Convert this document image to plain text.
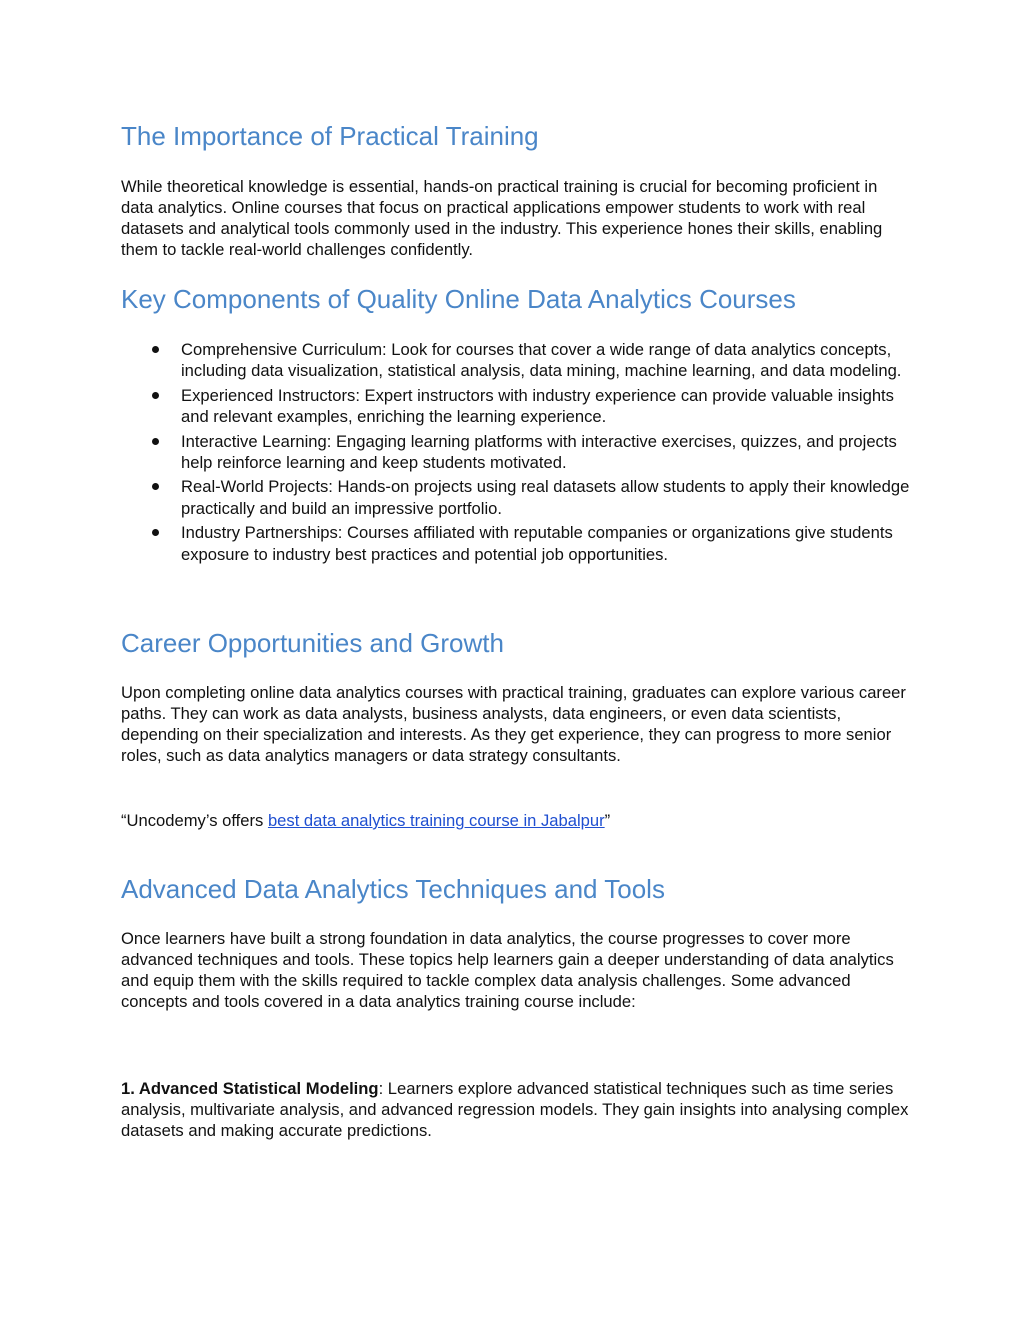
The Importance of Practical Training

While theoretical knowledge is essential, hands-on practical training is crucial for becoming proficient in data analytics. Online courses that focus on practical applications empower students to work with real datasets and analytical tools commonly used in the industry. This experience hones their skills, enabling them to tackle real-world challenges confidently.

Key Components of Quality Online Data Analytics Courses
Comprehensive Curriculum: Look for courses that cover a wide range of data analytics concepts, including data visualization, statistical analysis, data mining, machine learning, and data modeling.
Experienced Instructors: Expert instructors with industry experience can provide valuable insights and relevant examples, enriching the learning experience.
Interactive Learning: Engaging learning platforms with interactive exercises, quizzes, and projects help reinforce learning and keep students motivated.
Real-World Projects: Hands-on projects using real datasets allow students to apply their knowledge practically and build an impressive portfolio.
Industry Partnerships: Courses affiliated with reputable companies or organizations give students exposure to industry best practices and potential job opportunities.
Career Opportunities and Growth

Upon completing online data analytics courses with practical training, graduates can explore various career paths. They can work as data analysts, business analysts, data engineers, or even data scientists, depending on their specialization and interests. As they get experience, they can progress to more senior roles, such as data analytics managers or data strategy consultants.

“Uncodemy’s offers best data analytics training course in Jabalpur”

Advanced Data Analytics Techniques and Tools

Once learners have built a strong foundation in data analytics, the course progresses to cover more advanced techniques and tools. These topics help learners gain a deeper understanding of data analytics and equip them with the skills required to tackle complex data analysis challenges. Some advanced concepts and tools covered in a data analytics training course include:

1. Advanced Statistical Modeling: Learners explore advanced statistical techniques such as time series analysis, multivariate analysis, and advanced regression models. They gain insights into analysing complex datasets and making accurate predictions.
